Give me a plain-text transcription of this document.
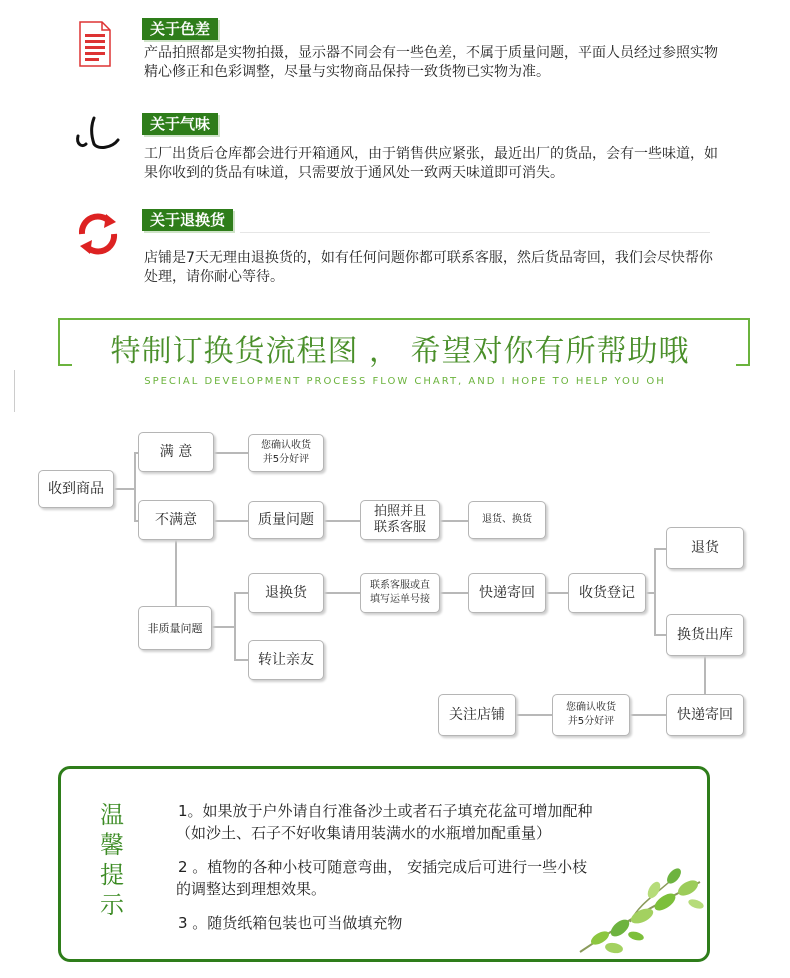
关于色差
产品拍照都是实物拍摄，显示器不同会有一些色差，不属于质量问题，平面人员经过参照实物精心修正和色彩调整，尽量与实物商品保持一致货物已实物为准。
关于气味
工厂出货后仓库都会进行开箱通风，由于销售供应紧张，最近出厂的货品，会有一些味道，如果你收到的货品有味道，只需要放于通风处一致两天味道即可消失。
关于退换货
店铺是7天无理由退换货的，如有任何问题你都可联系客服，然后货品寄回，我们会尽快帮你处理，请你耐心等待。
特制订换货流程图 ， 希望对你有所帮助哦
SPECIAL DEVELOPMENT PROCESS FLOW CHART, AND I HOPE TO HELP YOU OH
收到商品
满 意	您确认收货
并5分好评
不满意	质量问题
拍照并且
联系客服
退货、换货
非质量问题
退换货	联系客服或直
填写运单号接	快递寄回	收货登记
退货
换货出库
转让亲友
关注店铺	您确认收货
并5分好评	快递寄回
温
馨
提
示
1。如果放于户外请自行准备沙土或者石子填充花盆可增加配种
（如沙土、石子不好收集请用装满水的水瓶增加配重量）
2 。植物的各种小枝可随意弯曲， 安插完成后可进行一些小枝
的调整达到理想效果。
3 。随货纸箱包装也可当做填充物
